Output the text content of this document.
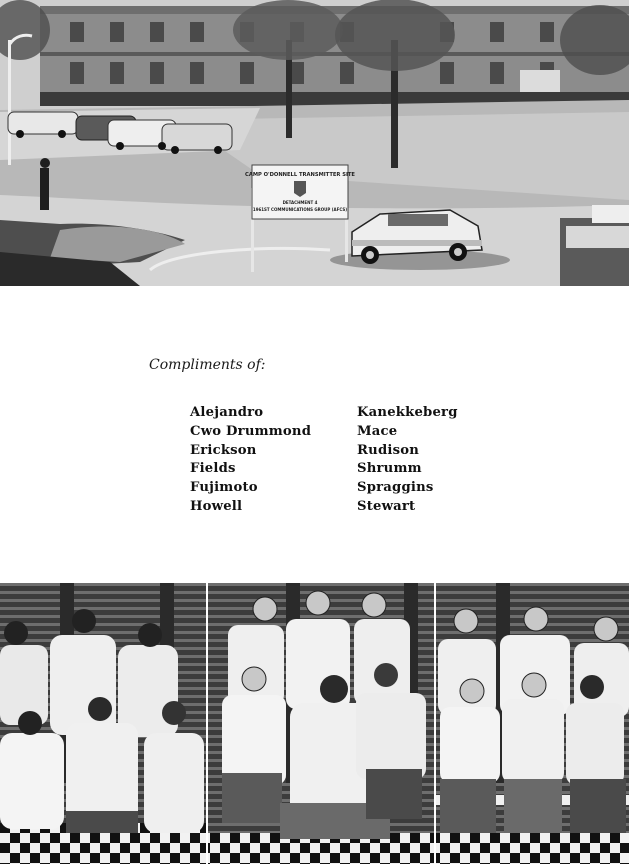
CAMP O'DONNELL TRANSMITTER SITE
DETACHMENT 4
1961ST COMMUNICATIONS GROUP (AFCS)
Compliments of:
Alejandro
Cwo Drummond
Erickson
Fields
Fujimoto
Howell
Kanekkeberg
Mace
Rudison
Shrumm
Spraggins
Stewart
